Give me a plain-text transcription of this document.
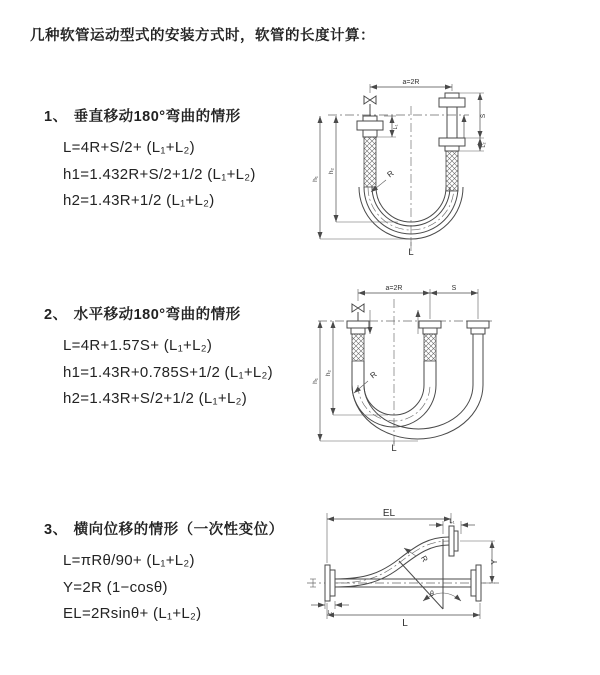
几种软管运动型式的安装方式时，软管的长度计算：
1、 垂直移动180°弯曲的情形
L=4R+S/2+ (L₁+L₂)
h1=1.432R+S/2+1/2 (L₁+L₂)
h2=1.43R+1/2 (L₁+L₂)
2、 水平移动180°弯曲的情形
L=4R+1.57S+ (L₁+L₂)
h1=1.43R+0.785S+1/2 (L₁+L₂)
h2=1.43R+S/2+1/2 (L₁+L₂)
3、 横向位移的情形（一次性变位）
L=πRθ/90+ (L₁+L₂)
Y=2R (1−cosθ)
EL=2Rsinθ+ (L₁+L₂)
a=2R
h₁
h₂
L₁
S
L₂
R
L
a=2R	S
h₁
h₂	R
L
EL
L₁
Y
θ
R
L
L₁
